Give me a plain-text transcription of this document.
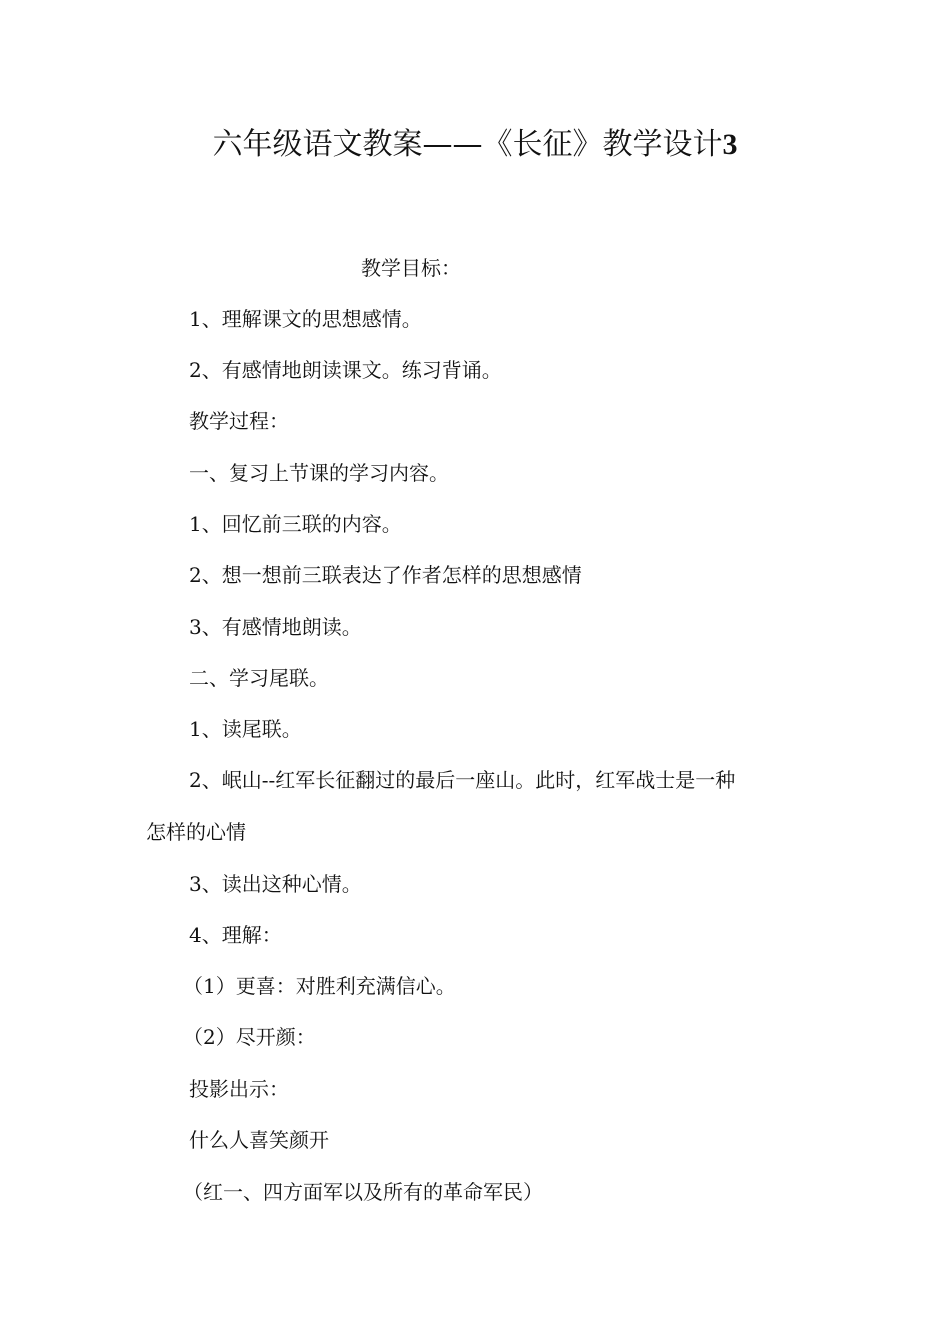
六年级语文教案——《长征》教学设计3
教学目标：
1、理解课文的思想感情。
2、有感情地朗读课文。练习背诵。
教学过程：
一、复习上节课的学习内容。
1、回忆前三联的内容。
2、想一想前三联表达了作者怎样的思想感情
3、有感情地朗读。
二、学习尾联。
1、读尾联。
2、岷山--红军长征翻过的最后一座山。此时，红军战士是一种
怎样的心情
3、读出这种心情。
4、理解：
（1）更喜：对胜利充满信心。
（2）尽开颜：
投影出示：
什么人喜笑颜开
（红一、四方面军以及所有的革命军民）
